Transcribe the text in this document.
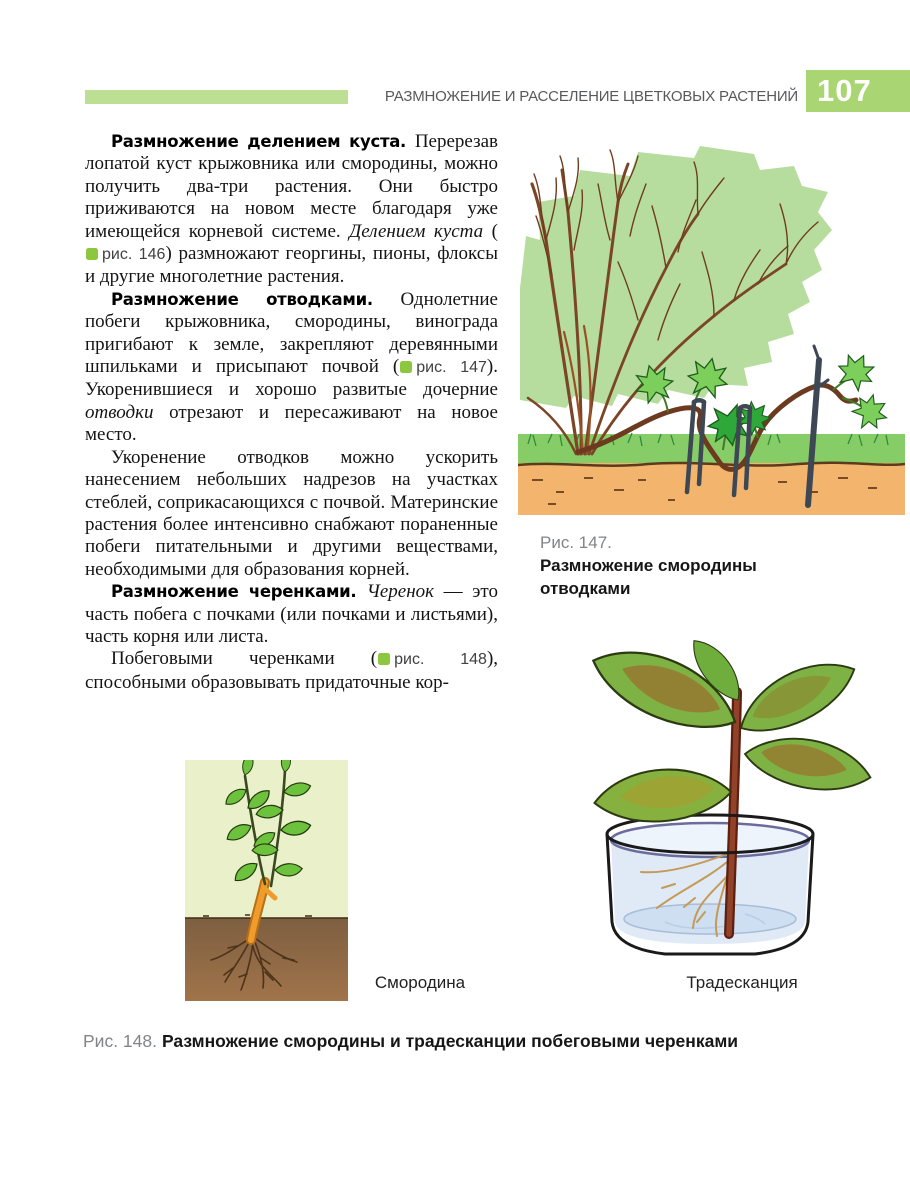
РАЗМНОЖЕНИЕ И РАССЕЛЕНИЕ ЦВЕТКОВЫХ РАСТЕНИЙ 107

Размножение делением куста. Перерезав лопатой куст крыжовника или смородины, можно получить два-три растения. Они быстро приживаются на новом месте благодаря уже имеющейся корневой системе. Делением куста (рис. 146) размножают георгины, пионы, флоксы и другие многолетние растения.

Размножение отводками. Однолетние побеги крыжовника, смородины, винограда пригибают к земле, закрепляют деревянными шпильками и присыпают почвой ( рис. 147). Укоренившиеся и хорошо развитые дочерние отводки отрезают и пересаживают на новое место.

Укоренение отводков можно ускорить нанесением небольших надрезов на участках стеблей, соприкасающихся с почвой. Материнские растения более интенсивно снабжают пораненные побеги питательными и другими веществами, необходимыми для образования корней.

Размножение черенками. Черенок — это часть побега с почками (или почками и листьями), часть корня или листа.

Побеговыми черенками ( рис. 148), способными образовывать придаточные кор-

Рис. 147.
Размножение смородины отводками
Смородина	Традесканция
Рис. 148. Размножение смородины и традесканции побеговыми черенками
